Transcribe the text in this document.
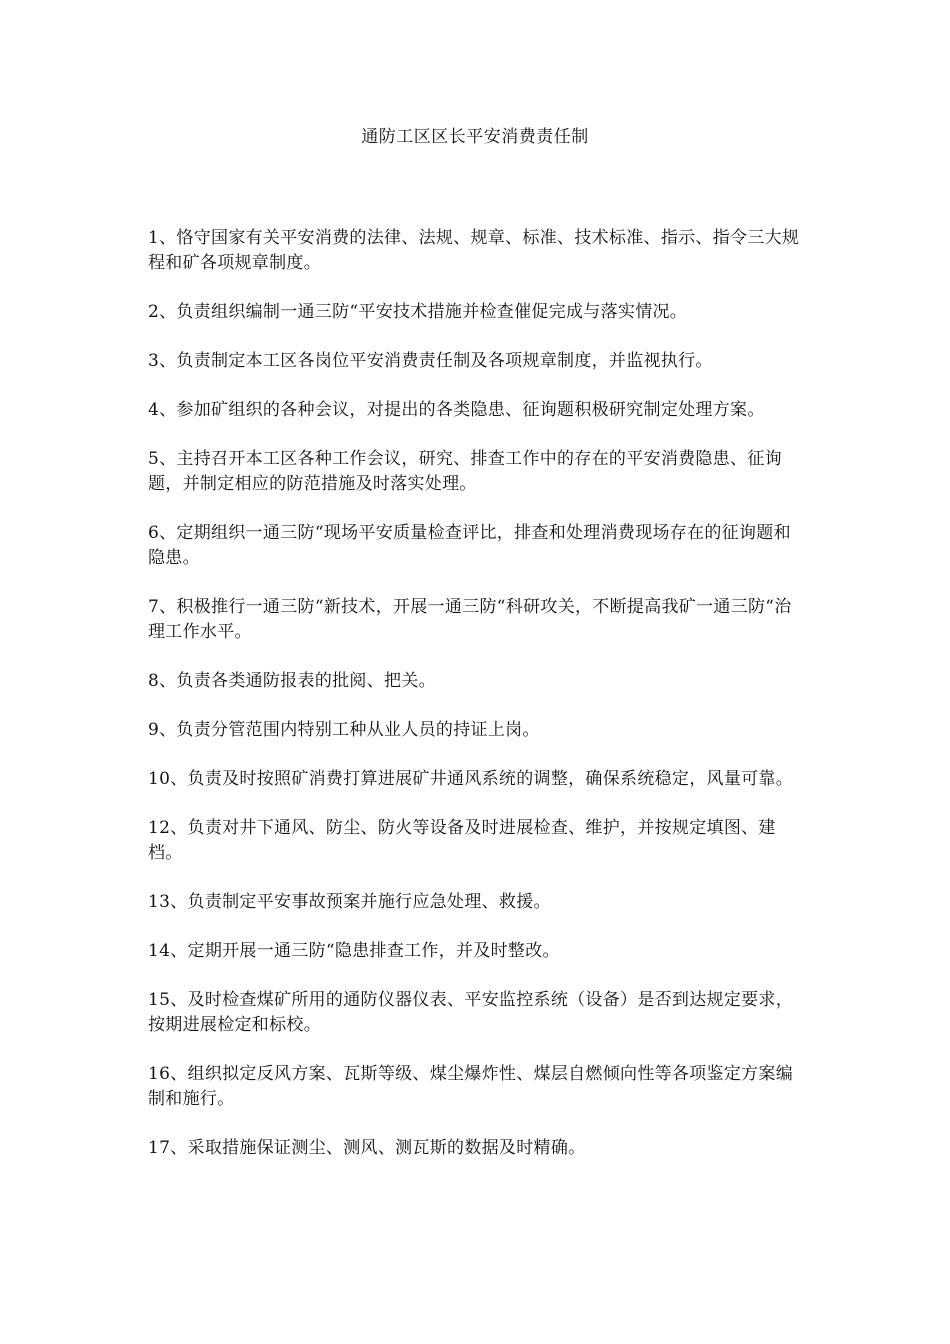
通防工区区长平安消费责任制
1、恪守国家有关平安消费的法律、法规、规章、标准、技术标准、指示、指令三大规程和矿各项规章制度。
2、负责组织编制一通三防“平安技术措施并检查催促完成与落实情况。
3、负责制定本工区各岗位平安消费责任制及各项规章制度，并监视执行。
4、参加矿组织的各种会议，对提出的各类隐患、征询题积极研究制定处理方案。
5、主持召开本工区各种工作会议，研究、排查工作中的存在的平安消费隐患、征询题，并制定相应的防范措施及时落实处理。
6、定期组织一通三防“现场平安质量检查评比，排查和处理消费现场存在的征询题和隐患。
7、积极推行一通三防“新技术，开展一通三防“科研攻关，不断提高我矿一通三防“治理工作水平。
8、负责各类通防报表的批阅、把关。
9、负责分管范围内特别工种从业人员的持证上岗。
10、负责及时按照矿消费打算进展矿井通风系统的调整，确保系统稳定，风量可靠。
12、负责对井下通风、防尘、防火等设备及时进展检查、维护，并按规定填图、建档。
13、负责制定平安事故预案并施行应急处理、救援。
14、定期开展一通三防“隐患排查工作，并及时整改。
15、及时检查煤矿所用的通防仪器仪表、平安监控系统（设备）是否到达规定要求，按期进展检定和标校。
16、组织拟定反风方案、瓦斯等级、煤尘爆炸性、煤层自燃倾向性等各项鉴定方案编制和施行。
17、采取措施保证测尘、测风、测瓦斯的数据及时精确。
